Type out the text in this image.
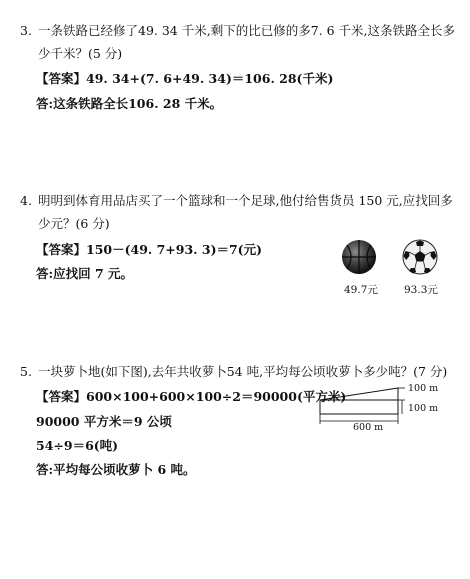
3. 一条铁路已经修了49. 34 千米,剩下的比已修的多7. 6 千米,这条铁路全长多
少千米？(5 分)
【答案】49. 34+(7. 6+49. 34)＝106. 28(千米)
答:这条铁路全长106. 28 千米。
4. 明明到体育用品店买了一个篮球和一个足球,他付给售货员 150 元,应找回多
少元？(6 分)
【答案】150－(49. 7+93. 3)＝7(元)
答:应找回 7 元。
49.7元 93.3元
5. 一块萝卜地(如下图),去年共收萝卜54 吨,平均每公顷收萝卜多少吨？(7 分)
【答案】600×100+600×100÷2＝90000(平方米)
90000 平方米＝9 公顷
54÷9＝6(吨)
答:平均每公顷收萝卜 6 吨。
100 m
100 m
600 m
